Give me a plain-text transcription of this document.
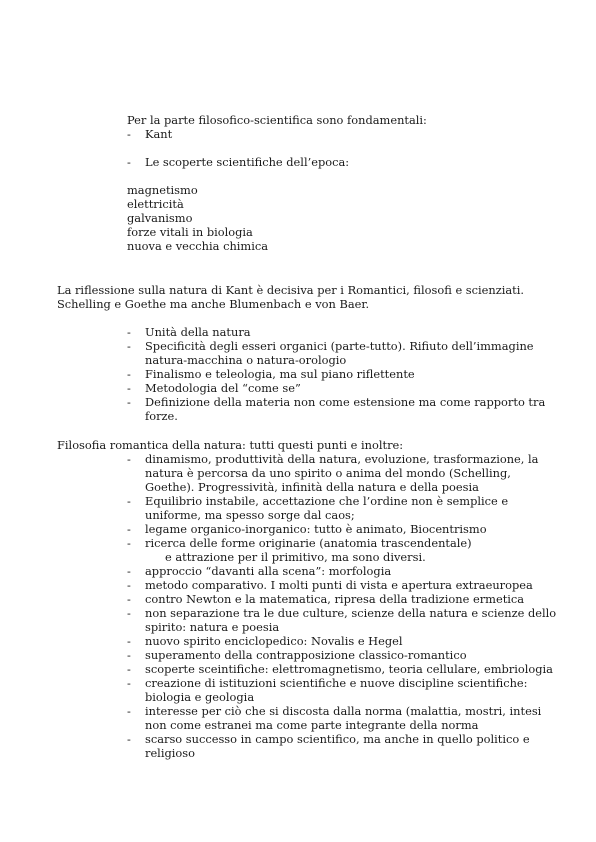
Per la parte filosofico-scientifica sono fondamentali:
- Kant
- Le scoperte scientifiche dell’epoca:
magnetismo
elettricità
galvanismo
forze vitali in biologia
nuova e vecchia chimica
La riflessione sulla natura di Kant è decisiva per i Romantici, filosofi e scienziati.
Schelling e Goethe ma anche Blumenbach e von Baer.
- Unità della natura
- Specificità degli esseri organici (parte-tutto). Rifiuto dell’immagine
natura-macchina o natura-orologio
- Finalismo e teleologia, ma sul piano riflettente
- Metodologia del “come se”
- Definizione della materia non come estensione ma come rapporto tra
forze.
Filosofia romantica della natura: tutti questi punti e inoltre:
- dinamismo, produttività della natura, evoluzione, trasformazione, la
natura è percorsa da uno spirito o anima del mondo (Schelling,
Goethe). Progressività, infinità della natura e della poesia
- Equilibrio instabile, accettazione che l’ordine non è semplice e
uniforme, ma spesso sorge dal caos;
- legame organico-inorganico: tutto è animato, Biocentrismo
- ricerca delle forme originarie (anatomia trascendentale)
e attrazione per il primitivo, ma sono diversi.
- approccio “davanti alla scena”: morfologia
- metodo comparativo. I molti punti di vista e apertura extraeuropea
- contro Newton e la matematica, ripresa della tradizione ermetica
- non separazione tra le due culture, scienze della natura e scienze dello
spirito: natura e poesia
- nuovo spirito enciclopedico: Novalis e Hegel
- superamento della contrapposizione classico-romantico
- scoperte sceintifiche: elettromagnetismo, teoria cellulare, embriologia
- creazione di istituzioni scientifiche e nuove discipline scientifiche:
biologia e geologia
- interesse per ciò che si discosta dalla norma (malattia, mostri, intesi
non come estranei ma come parte integrante della norma
- scarso successo in campo scientifico, ma anche in quello politico e
religioso
